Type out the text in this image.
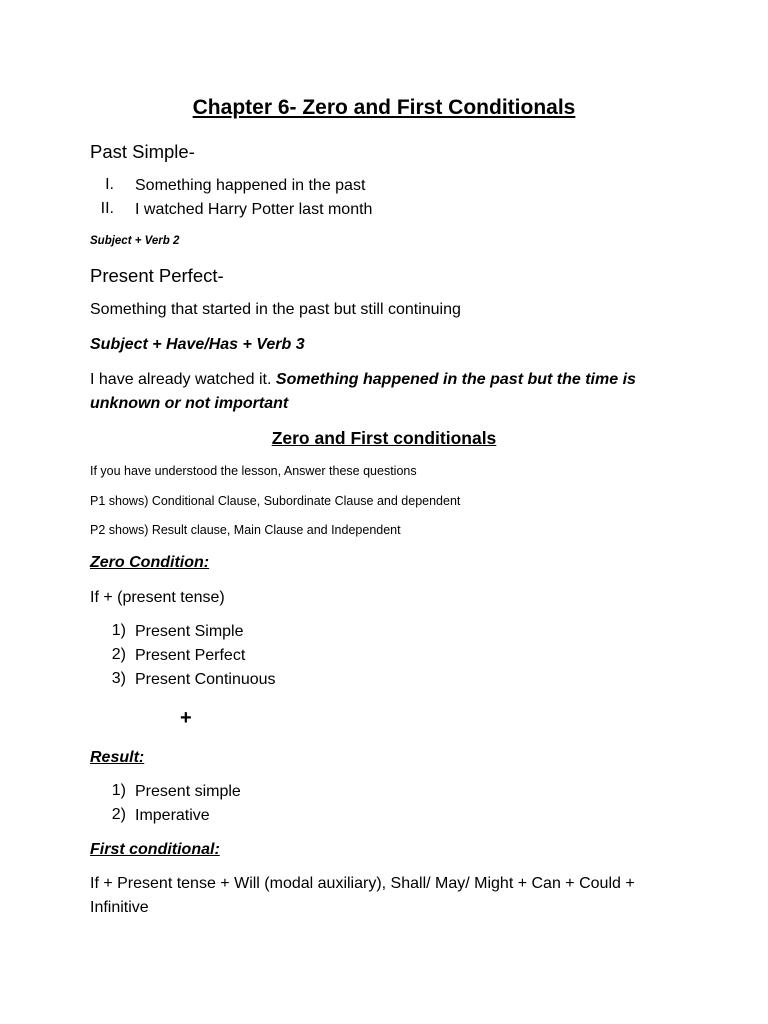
Chapter 6- Zero and First Conditionals
Past Simple-
I. Something happened in the past
II. I watched Harry Potter last month
Subject + Verb 2
Present Perfect-
Something that started in the past but still continuing
Subject + Have/Has + Verb 3
I have already watched it. Something happened in the past but the time is
unknown or not important
Zero and First conditionals
If you have understood the lesson, Answer these questions
P1 shows) Conditional Clause, Subordinate Clause and dependent
P2 shows) Result clause, Main Clause and Independent
Zero Condition:
If + (present tense)
1) Present Simple
2) Present Perfect
3) Present Continuous
+
Result:
1) Present simple
2) Imperative
First conditional:
If + Present tense + Will (modal auxiliary), Shall/ May/ Might + Can + Could +
Infinitive
